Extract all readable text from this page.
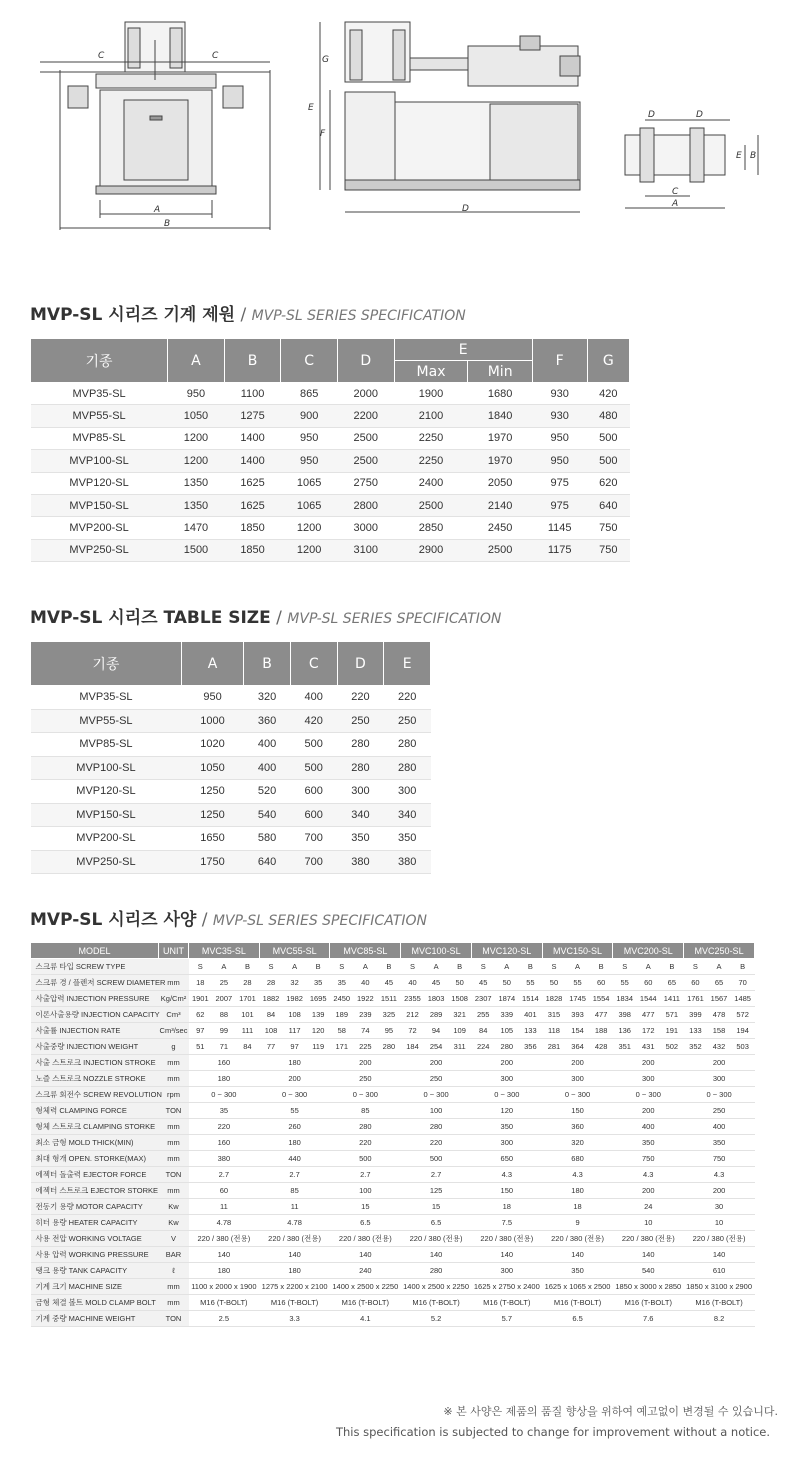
C	C
A
B
G
E
F
D
D	D
C
A
E B
MVP-SL 시리즈 기계 제원 / MVP-SL SERIES SPECIFICATION
기종	A	B	C	D	E		F	G
					Max	Min		
MVP35-SL	950	1100	865	2000	1900	1680	930	420
MVP55-SL	1050	1275	900	2200	2100	1840	930	480
MVP85-SL	1200	1400	950	2500	2250	1970	950	500
MVP100-SL	1200	1400	950	2500	2250	1970	950	500
MVP120-SL	1350	1625	1065	2750	2400	2050	975	620
MVP150-SL	1350	1625	1065	2800	2500	2140	975	640
MVP200-SL	1470	1850	1200	3000	2850	2450	1145	750
MVP250-SL	1500	1850	1200	3100	2900	2500	1175	750
MVP-SL 시리즈 TABLE SIZE / MVP-SL SERIES SPECIFICATION
기종	A	B	C	D	E
MVP35-SL	950	320	400	220	220
MVP55-SL	1000	360	420	250	250
MVP85-SL	1020	400	500	280	280
MVP100-SL	1050	400	500	280	280
MVP120-SL	1250	520	600	300	300
MVP150-SL	1250	540	600	340	340
MVP200-SL	1650	580	700	350	350
MVP250-SL	1750	640	700	380	380
MVP-SL 시리즈 사양 / MVP-SL SERIES SPECIFICATION
MODEL	UNIT	MVC35-SL			MVC55-SL			MVC85-SL			MVC100-SL			MVC120-SL			MVC150-SL			MVC200-SL			MVC250-SL		
스크류 타입 SCREW TYPE		S	A	B	S	A	B	S	A	B	S	A	B	S	A	B	S	A	B	S	A	B	S	A	B
스크류 경 / 플렌저 SCREW DIAMETER	mm	18	25	28	28	32	35	35	40	45	40	45	50	45	50	55	50	55	60	55	60	65	60	65	70
사출압력 INJECTION PRESSURE	Kg/Cm²	1901	2007	1701	1882	1982	1695	2450	1922	1511	2355	1803	1508	2307	1874	1514	1828	1745	1554	1834	1544	1411	1761	1567	1485
이론사출용량 INJECTION CAPACITY	Cm³	62	88	101	84	108	139	189	239	325	212	289	321	255	339	401	315	393	477	398	477	571	399	478	572
사출률 INJECTION RATE	Cm³/sec	97	99	111	108	117	120	58	74	95	72	94	109	84	105	133	118	154	188	136	172	191	133	158	194
사출중량 INJECTION WEIGHT	g	51	71	84	77	97	119	171	225	280	184	254	311	224	280	356	281	364	428	351	431	502	352	432	503
사출 스트로크 INJECTION STROKE	mm	160			180			200			200			200			200			200			200		
노즐 스트로크 NOZZLE STROKE	mm	180			200			250			250			300			300			300			300		
스크류 회전수 SCREW REVOLUTION	rpm	0 ~ 300			0 ~ 300			0 ~ 300			0 ~ 300			0 ~ 300			0 ~ 300			0 ~ 300			0 ~ 300		
형체력 CLAMPING FORCE	TON	35			55			85			100			120			150			200			250		
형체 스트로크 CLAMPING STORKE	mm	220			260			280			280			350			360			400			400		
최소 금형 MOLD THICK(MIN)	mm	160			180			220			220			300			320			350			350		
최대 형개 OPEN. STORKE(MAX)	mm	380			440			500			500			650			680			750			750		
에젝터 돌출력 EJECTOR FORCE	TON	2.7			2.7			2.7			2.7			4.3			4.3			4.3			4.3		
에젝터 스트로크 EJECTOR STORKE	mm	60			85			100			125			150			180			200			200		
전동기 용량 MOTOR CAPACITY	Kw	11			11			15			15			18			18			24			30		
히터 용량 HEATER CAPACITY	Kw	4.78			4.78			6.5			6.5			7.5			9			10			10		
사용 전압 WORKING VOLTAGE	V	220 / 380 (전용)			220 / 380 (전용)			220 / 380 (전용)			220 / 380 (전용)			220 / 380 (전용)			220 / 380 (전용)			220 / 380 (전용)			220 / 380 (전용)		
사용 압력 WORKING PRESSURE	BAR	140			140			140			140			140			140			140			140		
탱크 용량 TANK CAPACITY	ℓ	180			180			240			280			300			350			540			610		
기계 크기 MACHINE SIZE	mm	1100 x 2000 x 1900			1275 x 2200 x 2100			1400 x 2500 x 2250			1400 x 2500 x 2250			1625 x 2750 x 2400			1625 x 1065 x 2500			1850 x 3000 x 2850			1850 x 3100 x 2900		
금형 체결 볼트 MOLD CLAMP BOLT	mm	M16 (T-BOLT)			M16 (T-BOLT)			M16 (T-BOLT)			M16 (T-BOLT)			M16 (T-BOLT)			M16 (T-BOLT)			M16 (T-BOLT)			M16 (T-BOLT)		
기계 중량 MACHINE WEIGHT	TON	2.5			3.3			4.1			5.2			5.7			6.5			7.6			8.2		
※ 본 사양은 제품의 품질 향상을 위하여 예고없이 변경될 수 있습니다.
This specification is subjected to change for improvement without a notice.
